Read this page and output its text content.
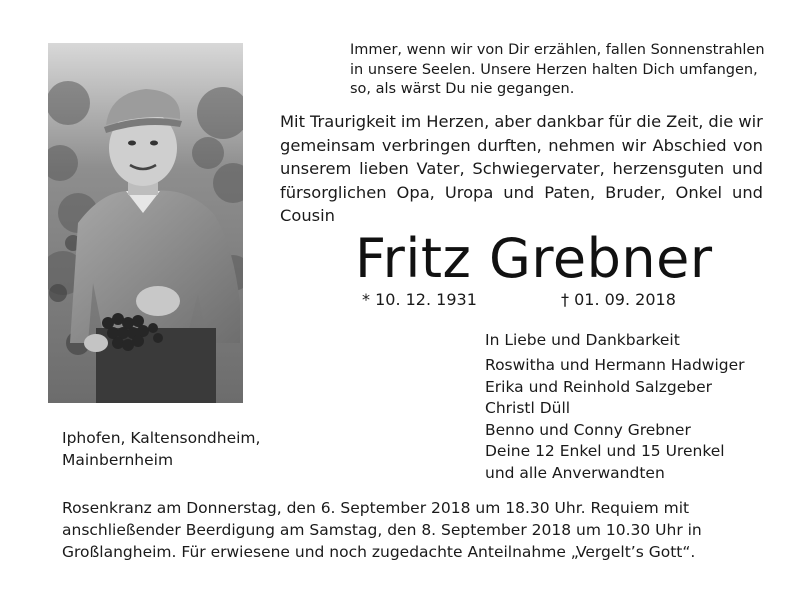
Immer, wenn wir von Dir erzählen, fallen Sonnenstrahlen
in unsere Seelen. Unsere Herzen halten Dich umfangen,
so, als wärst Du nie gegangen.
Mit Traurigkeit im Herzen, aber dankbar für die Zeit, die wir
gemeinsam verbringen durften, nehmen wir Abschied von
unserem lieben Vater, Schwiegervater, herzensguten und
fürsorglichen Opa, Uropa und Paten, Bruder, Onkel und
Cousin
Fritz Grebner
* 10. 12. 1931	† 01. 09. 2018
In Liebe und Dankbarkeit
Roswitha und Hermann Hadwiger
Erika und Reinhold Salzgeber
Christl Düll
Benno und Conny Grebner
Deine 12 Enkel und 15 Urenkel
und alle Anverwandten
Iphofen, Kaltensondheim,
Mainbernheim
Rosenkranz am Donnerstag, den 6. September 2018 um 18.30 Uhr. Requiem mit
anschließender Beerdigung am Samstag, den 8. September 2018 um 10.30 Uhr in
Großlangheim. Für erwiesene und noch zugedachte Anteilnahme „Vergelt’s Gott“.
